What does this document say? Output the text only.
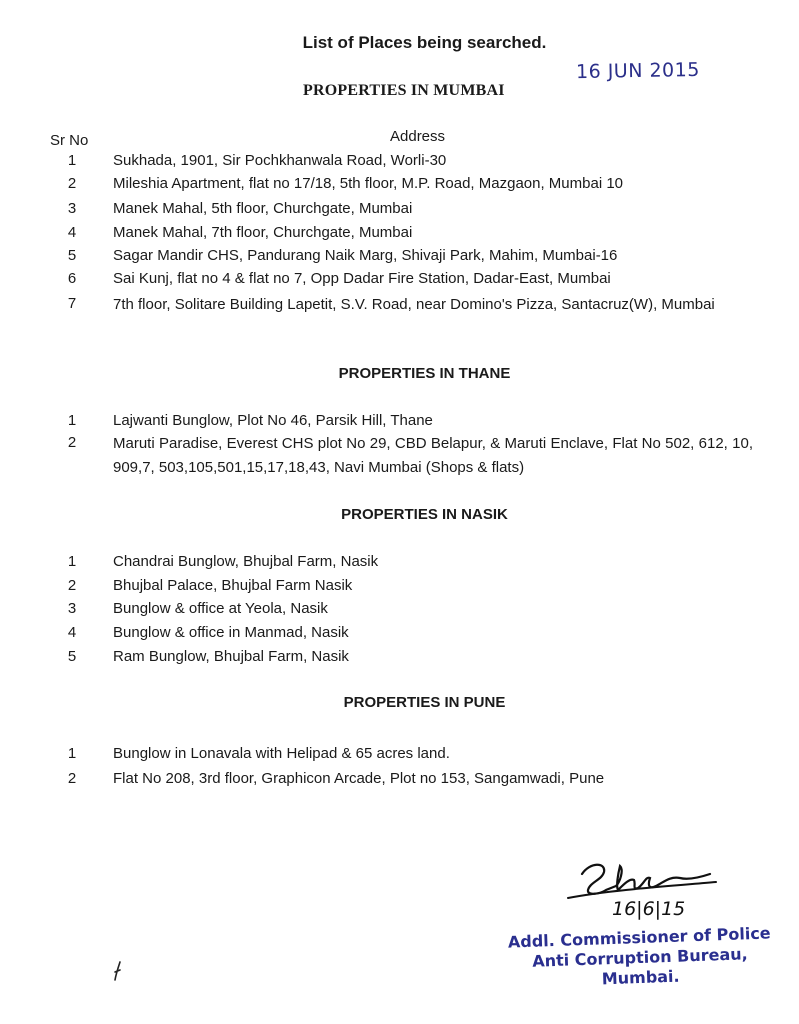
List of Places being searched.
16 JUN 2015
PROPERTIES IN MUMBAI
Sr No	Address
1	Sukhada, 1901, Sir Pochkhanwala Road, Worli-30
2	Mileshia Apartment, flat no 17/18, 5th floor, M.P. Road, Mazgaon, Mumbai 10
3	Manek Mahal, 5th floor, Churchgate, Mumbai
4	Manek Mahal, 7th floor, Churchgate, Mumbai
5	Sagar Mandir CHS, Pandurang Naik Marg, Shivaji Park, Mahim, Mumbai-16
6	Sai Kunj, flat no 4 & flat no 7, Opp Dadar Fire Station, Dadar-East, Mumbai
7	7th floor, Solitare Building Lapetit, S.V. Road, near Domino's Pizza, Santacruz(W), Mumbai
PROPERTIES IN THANE
1	Lajwanti Bunglow, Plot No 46, Parsik Hill, Thane
2	Maruti Paradise, Everest CHS plot No 29, CBD Belapur, & Maruti Enclave, Flat No 502, 612, 10, 909,7, 503,105,501,15,17,18,43, Navi Mumbai (Shops & flats)
PROPERTIES IN NASIK
1	Chandrai Bunglow, Bhujbal Farm, Nasik
2	Bhujbal Palace, Bhujbal Farm Nasik
3	Bunglow & office at Yeola, Nasik
4	Bunglow & office in Manmad, Nasik
5	Ram Bunglow, Bhujbal Farm, Nasik
PROPERTIES IN PUNE
1	Bunglow in Lonavala with Helipad & 65 acres land.
2	Flat No 208, 3rd floor, Graphicon Arcade, Plot no 153, Sangamwadi, Pune
16|6|15
Addl. Commissioner of Police
Anti Corruption Bureau,
Mumbai.
